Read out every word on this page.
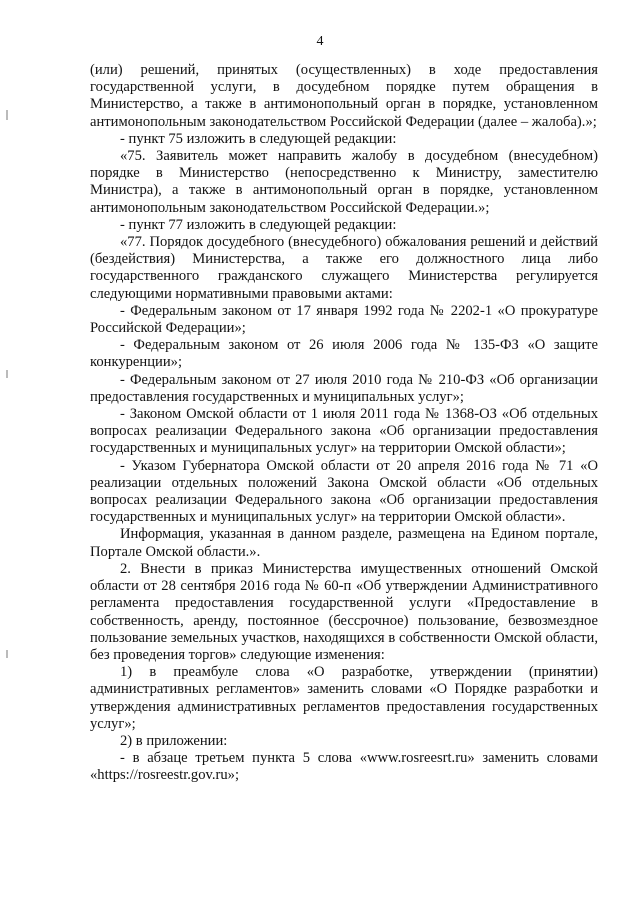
4

(или) решений, принятых (осуществленных) в ходе предоставления государственной услуги, в досудебном порядке путем обращения в Министерство, а также в антимонопольный орган в порядке, установленном антимонопольным законодательством Российской Федерации (далее – жалоба).»;

- пункт 75 изложить в следующей редакции:

«75. Заявитель может направить жалобу в досудебном (внесудебном) порядке в Министерство (непосредственно к Министру, заместителю Министра), а также в антимонопольный орган в порядке, установленном антимонопольным законодательством Российской Федерации.»;

- пункт 77 изложить в следующей редакции:

«77. Порядок досудебного (внесудебного) обжалования решений и действий (бездействия) Министерства, а также его должностного лица либо государственного гражданского служащего Министерства регулируется следующими нормативными правовыми актами:

- Федеральным законом от 17 января 1992 года № 2202-1 «О прокуратуре Российской Федерации»;

- Федеральным законом от 26 июля 2006 года № 135-ФЗ «О защите конкуренции»;

- Федеральным законом от 27 июля 2010 года № 210-ФЗ «Об организации предоставления государственных и муниципальных услуг»;

- Законом Омской области от 1 июля 2011 года № 1368-ОЗ «Об отдельных вопросах реализации Федерального закона «Об организации предоставления государственных и муниципальных услуг» на территории Омской области»;

- Указом Губернатора Омской области от 20 апреля 2016 года № 71 «О реализации отдельных положений Закона Омской области «Об отдельных вопросах реализации Федерального закона «Об организации предоставления государственных и муниципальных услуг» на территории Омской области».

Информация, указанная в данном разделе, размещена на Едином портале, Портале Омской области.».

2. Внести в приказ Министерства имущественных отношений Омской области от 28 сентября 2016 года № 60-п «Об утверждении Административного регламента предоставления государственной услуги «Предоставление в собственность, аренду, постоянное (бессрочное) пользование, безвозмездное пользование земельных участков, находящихся в собственности Омской области, без проведения торгов» следующие изменения:

1) в преамбуле слова «О разработке, утверждении (принятии) административных регламентов» заменить словами «О Порядке разработки и утверждения административных регламентов предоставления государственных услуг»;

2) в приложении:

- в абзаце третьем пункта 5 слова «www.rosreesrt.ru» заменить словами «https://rosreestr.gov.ru»;
